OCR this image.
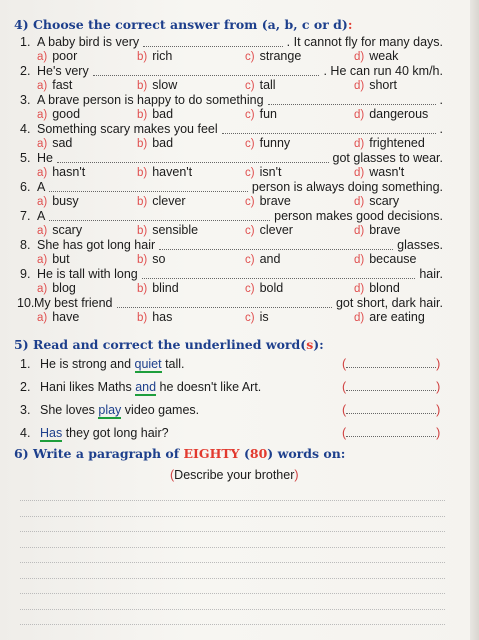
4) Choose the correct answer from (a, b, c or d):
1. A baby bird is very	. It cannot fly for many days.
a) poor	b) rich	c) strange	d) weak
2. He's very	. He can run 40 km/h.
a) fast	b) slow	c) tall	d) short
3. A brave person is happy to do something	.
a) good	b) bad	c) fun	d) dangerous
4. Something scary makes you feel	.
a) sad	b) bad	c) funny	d) frightened
5. He	got glasses to wear.
a) hasn't	b) haven't	c) isn't	d) wasn't
6. A	person is always doing something.
a) busy	b) clever	c) brave	d) scary
7. A	person makes good decisions.
a) scary	b) sensible	c) clever	d) brave
8. She has got long hair	glasses.
a) but	b) so	c) and	d) because
9. He is tall with long	hair.
a) blog	b) blind	c) bold	d) blond
10.My best friend	got short, dark hair.
a) have	b) has	c) is	d) are eating
5) Read and correct the underlined word(s):
1. He is strong and quiet tall.	(	)
2. Hani likes Maths and he doesn't like Art.	(	)
3. She loves play video games.	(	)
4. Has they got long hair?	(	)
6) Write a paragraph of EIGHTY (80) words on:
(Describe your brother)
